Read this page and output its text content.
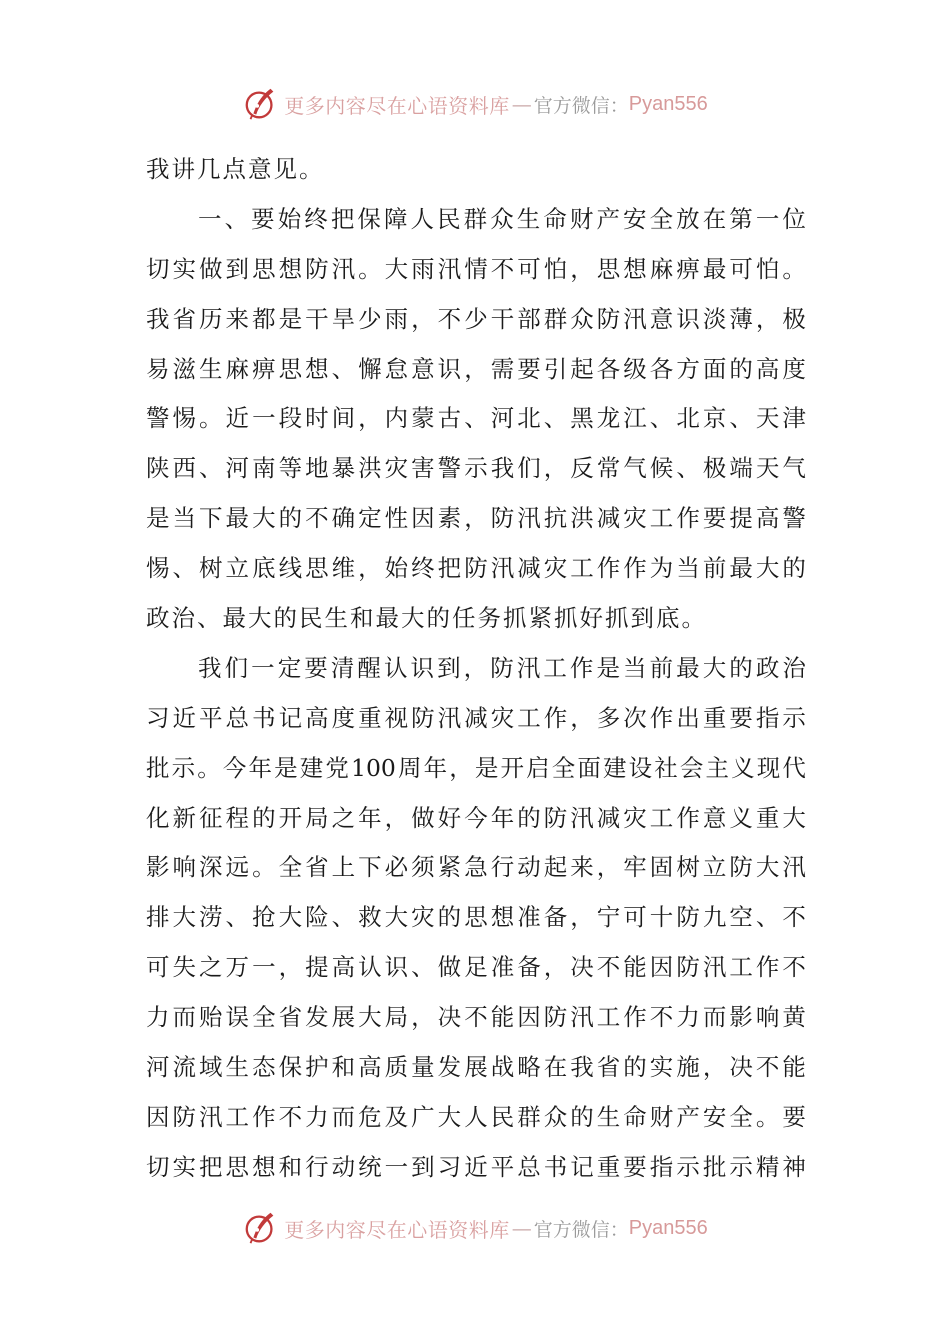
更多内容尽在心语资料库 — 官方微信： Pyan556
我讲几点意见。
一 、 要 始 终 把 保 障 人 民 群 众 生 命 财 产 安 全 放 在 第 一 位
切 实 做 到 思 想 防 汛 。 大 雨 汛 情 不 可 怕 ， 思 想 麻 痹 最 可 怕 。
我 省 历 来 都 是 干 旱 少 雨 ， 不 少 干 部 群 众 防 汛 意 识 淡 薄 ， 极
易 滋 生 麻 痹 思 想 、 懈 怠 意 识 ， 需 要 引 起 各 级 各 方 面 的 高 度
警 惕 。 近 一 段 时 间 ， 内 蒙 古 、 河 北 、 黑 龙 江 、 北 京 、 天 津
陕 西 、 河 南 等 地 暴 洪 灾 害 警 示 我 们 ， 反 常 气 候 、 极 端 天 气
是 当 下 最 大 的 不 确 定 性 因 素 ， 防 汛 抗 洪 减 灾 工 作 要 提 高 警
惕 、 树 立 底 线 思 维 ， 始 终 把 防 汛 减 灾 工 作 作 为 当 前 最 大 的
政治、最大的民生和最大的任务抓紧抓好抓到底。
我 们 一 定 要 清 醒 认 识 到 ， 防 汛 工 作 是 当 前 最 大 的 政 治
习 近 平 总 书 记 高 度 重 视 防 汛 减 灾 工 作 ， 多 次 作 出 重 要 指 示
批 示 。 今 年 是 建 党 100 周 年 ， 是 开 启 全 面 建 设 社 会 主 义 现 代
化 新 征 程 的 开 局 之 年 ， 做 好 今 年 的 防 汛 减 灾 工 作 意 义 重 大
影 响 深 远 。 全 省 上 下 必 须 紧 急 行 动 起 来 ， 牢 固 树 立 防 大 汛
排 大 涝 、 抢 大 险 、 救 大 灾 的 思 想 准 备 ， 宁 可 十 防 九 空 、 不
可 失 之 万 一 ， 提 高 认 识 、 做 足 准 备 ， 决 不 能 因 防 汛 工 作 不
力 而 贻 误 全 省 发 展 大 局 ， 决 不 能 因 防 汛 工 作 不 力 而 影 响 黄
河 流 域 生 态 保 护 和 高 质 量 发 展 战 略 在 我 省 的 实 施 ， 决 不 能
因 防 汛 工 作 不 力 而 危 及 广 大 人 民 群 众 的 生 命 财 产 安 全 。 要
切 实 把 思 想 和 行 动 统 一 到 习 近 平 总 书 记 重 要 指 示 批 示 精 神
更多内容尽在心语资料库 — 官方微信： Pyan556
